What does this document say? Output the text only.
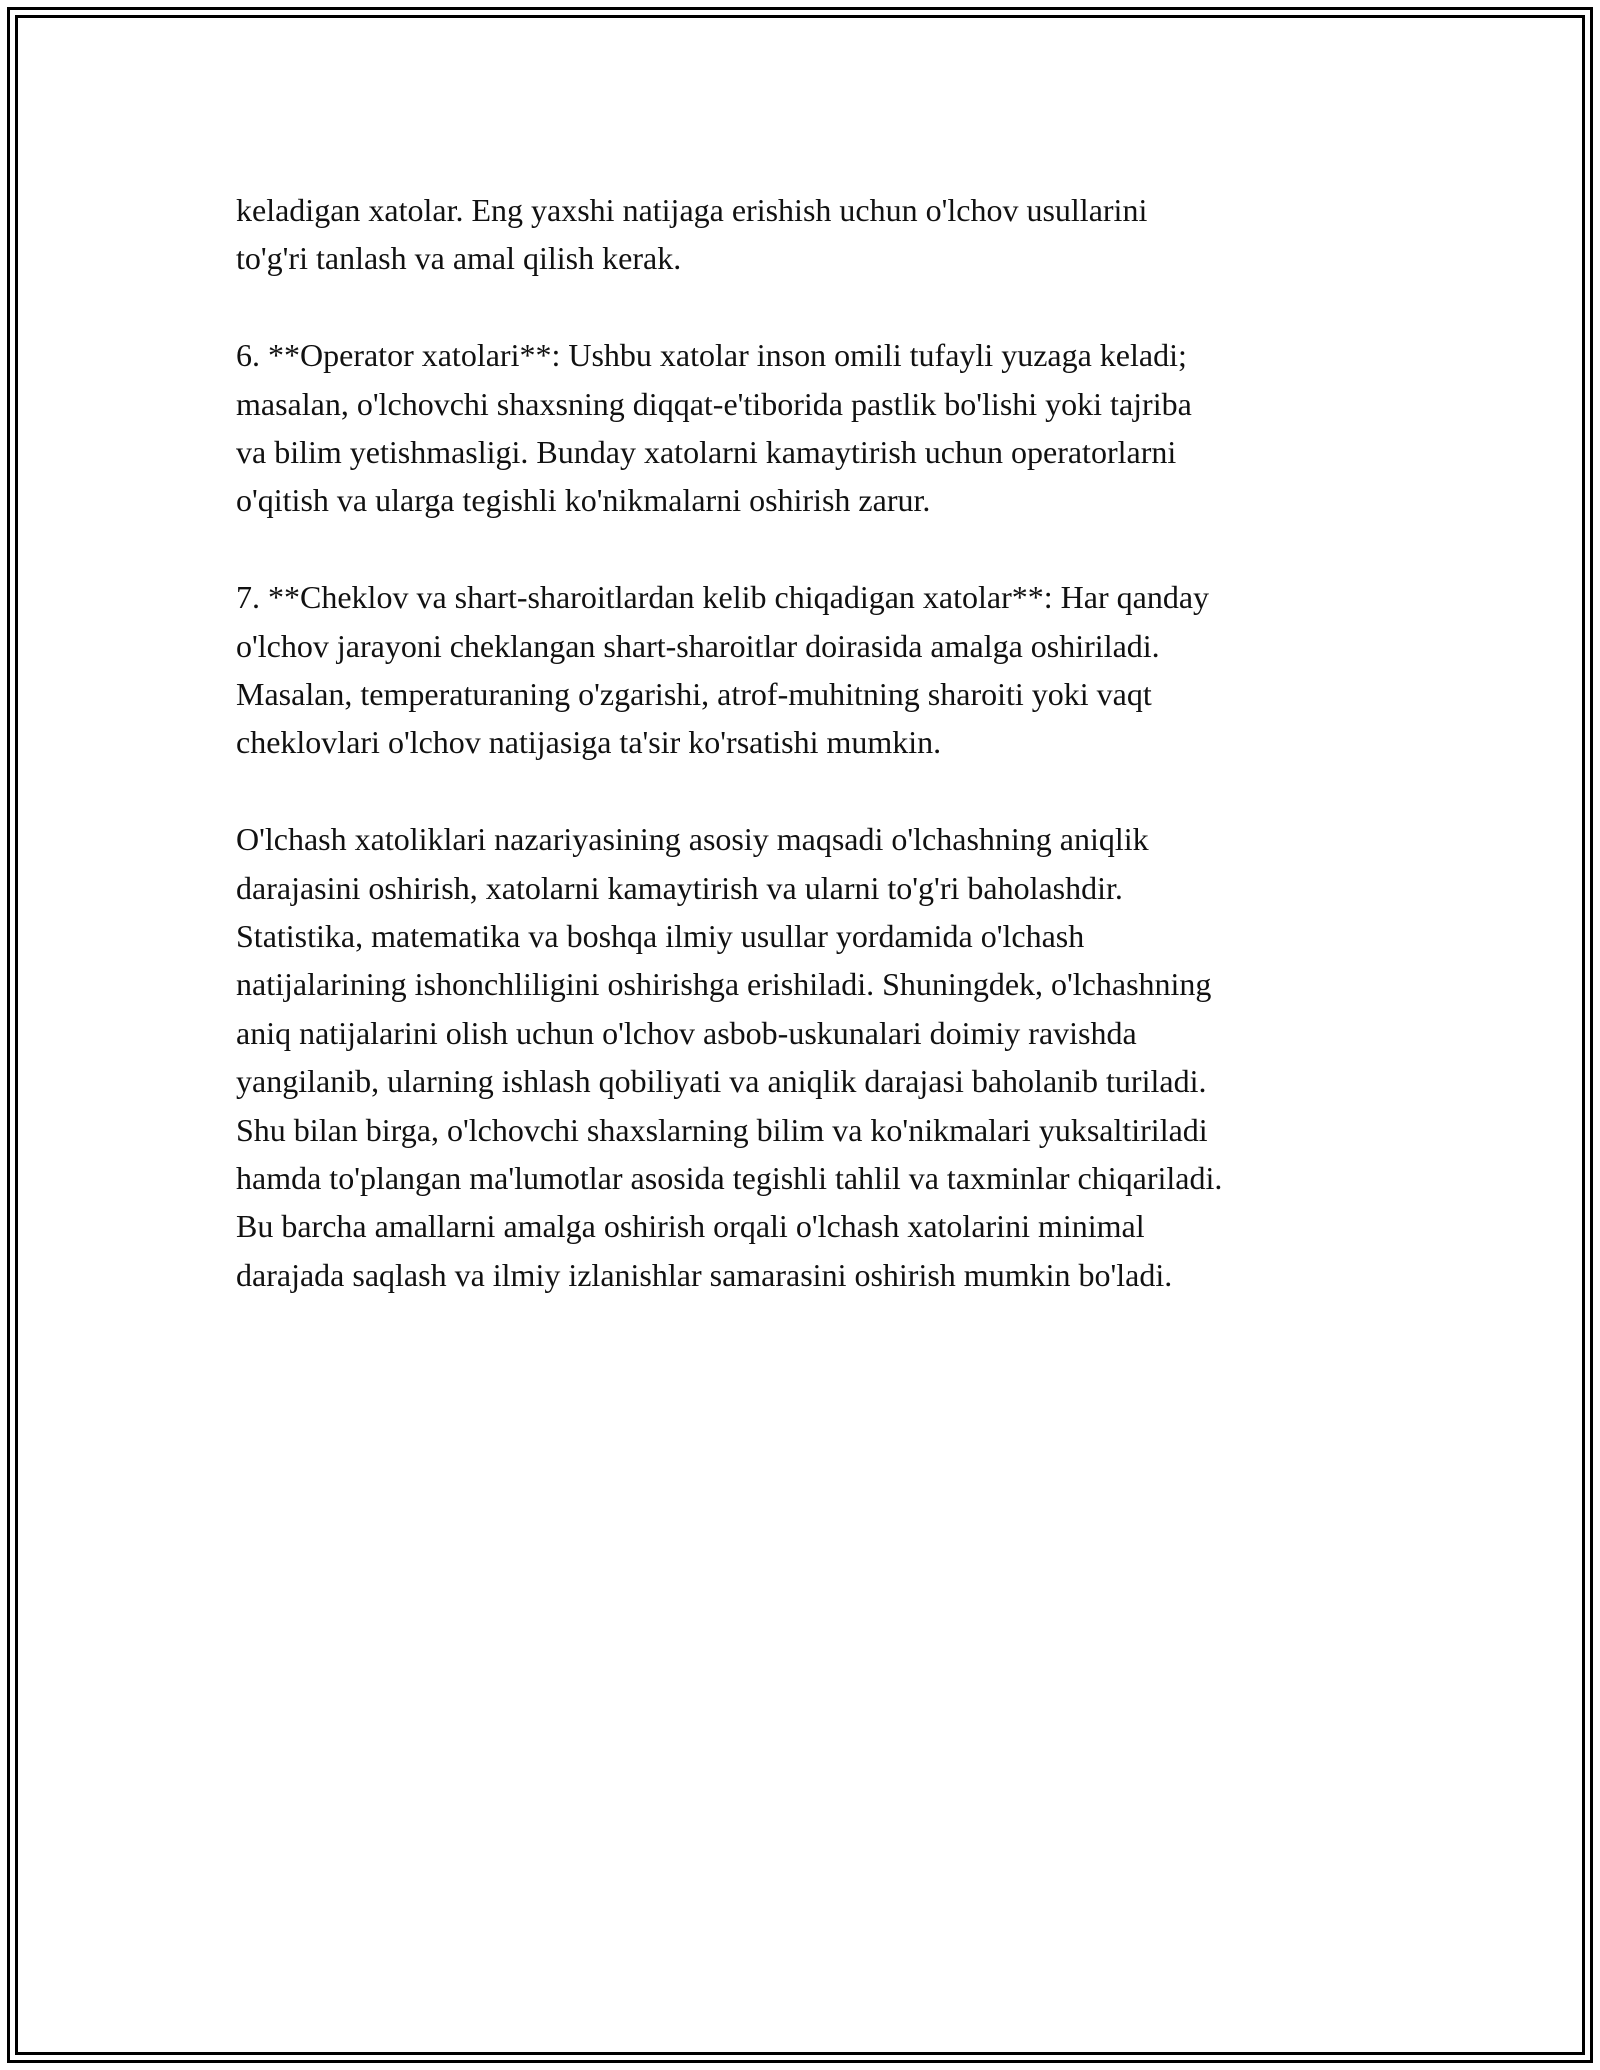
keladigan xatolar. Eng yaxshi natijaga erishish uchun o'lchov usullarini
to'g'ri tanlash va amal qilish kerak.

6. **Operator xatolari**: Ushbu xatolar inson omili tufayli yuzaga keladi;
masalan, o'lchovchi shaxsning diqqat-e'tiborida pastlik bo'lishi yoki tajriba
va bilim yetishmasligi. Bunday xatolarni kamaytirish uchun operatorlarni
o'qitish va ularga tegishli ko'nikmalarni oshirish zarur.

7. **Cheklov va shart-sharoitlardan kelib chiqadigan xatolar**: Har qanday
o'lchov jarayoni cheklangan shart-sharoitlar doirasida amalga oshiriladi.
Masalan, temperaturaning o'zgarishi, atrof-muhitning sharoiti yoki vaqt
cheklovlari o'lchov natijasiga ta'sir ko'rsatishi mumkin.

O'lchash xatoliklari nazariyasining asosiy maqsadi o'lchashning aniqlik
darajasini oshirish, xatolarni kamaytirish va ularni to'g'ri baholashdir.
Statistika, matematika va boshqa ilmiy usullar yordamida o'lchash
natijalarining ishonchliligini oshirishga erishiladi. Shuningdek, o'lchashning
aniq natijalarini olish uchun o'lchov asbob-uskunalari doimiy ravishda
yangilanib, ularning ishlash qobiliyati va aniqlik darajasi baholanib turiladi.
Shu bilan birga, o'lchovchi shaxslarning bilim va ko'nikmalari yuksaltiriladi
hamda to'plangan ma'lumotlar asosida tegishli tahlil va taxminlar chiqariladi.
Bu barcha amallarni amalga oshirish orqali o'lchash xatolarini minimal
darajada saqlash va ilmiy izlanishlar samarasini oshirish mumkin bo'ladi.
